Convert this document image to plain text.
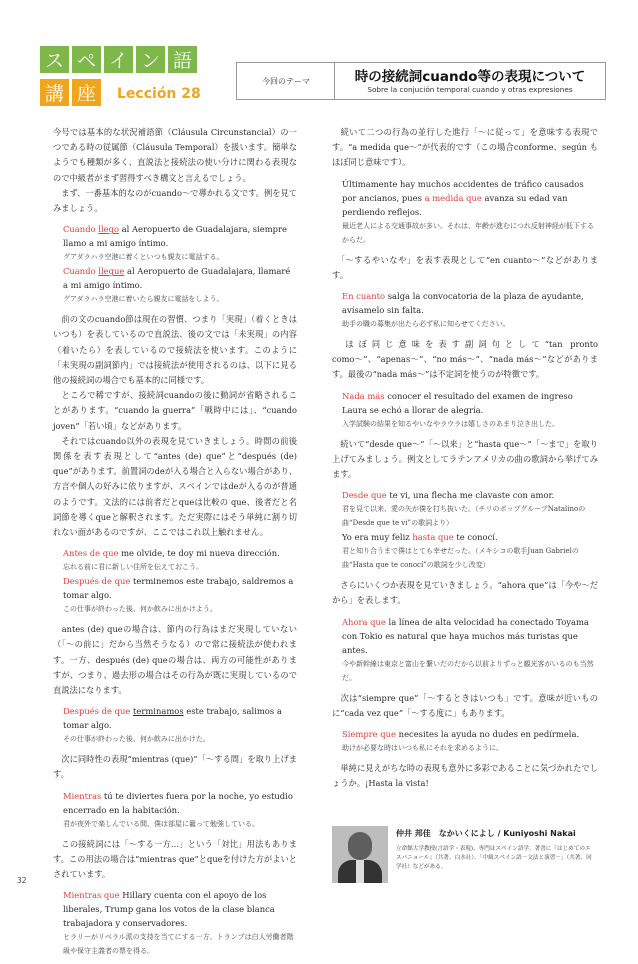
ス ペ イ ン 語
講 座	Lección 28
今回のテーマ	時の接続詞cuando等の表現について
Sobre la conjución temporal cuando y otras expresiones

今号では基本的な状況補語節（Cláusula Circunstancial）の一つである時の従属節（Cláusula Temporal）を扱います。簡単なようでも種類が多く、直説法と接続法の使い分けに関わる表現なので中級者がまず習得すべき構文と言えるでしょう。
　まず、一番基本的なのがcuando〜で導かれる文です。例を見てみましょう。

Cuando llego al Aeropuerto de Guadalajara, siempre llamo a mi amigo íntimo.
グアダラハラ空港に着くといつも親友に電話する。
Cuando llegue al Aeropuerto de Guadalajara, llamaré a mi amigo íntimo.
グアダラハラ空港に着いたら親友に電話をしよう。

　前の文のcuando節は現在の習慣、つまり「実現」（着くときはいつも）を表しているので直説法、後の文では「未実現」の内容（着いたら）を表しているので接続法を使います。このように「未実現の副詞節内」では接続法が使用されるのは、以下に見る他の接続詞の場合でも基本的に同様です。
　ところで稀ですが、接続詞cuandoの後に動詞が省略されることがあります。“cuando la guerra”「戦時中には」、“cuando joven”「若い頃」などがあります。
　それではcuando以外の表現を見ていきましょう。時間の前後関係を表す表現として“antes (de) que”と“después (de) que”があります。前置詞のdeが入る場合と入らない場合があり、方言や個人の好みに依りますが、スペインではdeが入るのが普通のようです。文法的には前者だとqueは比較の que、後者だと名詞節を導くqueと解釈されます。ただ実際にはそう単純に割り切れない面があるのですが、ここではこれ以上触れません。

Antes de que me olvide, te doy mi nueva dirección.
忘れる前に君に新しい住所を伝えておこう。
Después de que terminemos este trabajo, saldremos a tomar algo.
この仕事が終わった後、何か飲みに出かけよう。

　antes (de) queの場合は、節内の行為はまだ実現していない（「〜の前に」だから当然そうなる）ので常に接続法が使われます。一方、después (de) queの場合は、両方の可能性がありますが、つまり、過去形の場合はその行為が既に実現しているので直説法になります。

Después de que terminamos este trabajo, salimos a tomar algo.
その仕事が終わった後、何か飲みに出かけた。

　次に同時性の表現“mientras (que)”「〜する間」を取り上げます。

Mientras tú te diviertes fuera por la noche, yo estudio encerrado en la habitación.
君が夜外で楽しんでいる間、僕は部屋に籠って勉強している。

　この接続詞には「〜する一方…」という「対比」用法もあります。この用法の場合は“mientras que”とqueを付けた方がよいとされています。

Mientras que Hillary cuenta con el apoyo de los liberales, Trump gana los votos de la clase blanca trabajadora y conservadores.
ヒラリーがリベラル派の支持を当てにする一方、トランプは白人労働者階級や保守主義者の票を得る。

　続いて二つの行為の並行した進行「〜に従って」を意味する表現です。“a medida que〜”が代表的です（この場合conforme、según も ほぼ同じ意味です）。

Últimamente hay muchos accidentes de tráfico causados por ancianos, pues a medida que avanza su edad van perdiendo reflejos.
最近老人による交通事故が多い。それは、年齢が進むにつれ反射神経が低下するからだ。

　「〜するやいなや」を表す表現として“en cuanto〜”などがあります。

En cuanto salga la convocatoria de la plaza de ayudante, avísamelo sin falta.
助手の職の募集が出たら必ず私に知らせてください。

　ほぼ同じ意味を表す副詞句として“tan pronto como〜”、“apenas〜”、“no más〜”、“nada más〜”などがあります。最後の“nada más〜”は不定詞を使うのが特徴です。

Nada más conocer el resultado del examen de ingreso Laura se echó a llorar de alegría.
入学試験の結果を知るやいなやラウラは嬉しさのあまり泣き出した。

　続いて“desde que〜”「〜以来」と“hasta que〜”「〜まで」を取り上げてみましょう。例文としてラテンアメリカの曲の歌詞から挙げてみます。

Desde que te vi, una flecha me clavaste con amor.
君を見て以来、愛の矢が僕を打ち抜いた。（チリのポップグループNatalinoの曲“Desde que te vi”の歌詞より）
Yo era muy feliz hasta que te conocí.
君と知り合うまで僕はとても幸せだった。（メキシコの歌手Juan Gabrielの曲“Hasta que te conocí”の歌詞を少し改変）

　さらにいくつか表現を見ていきましょう。“ahora que”は「今や〜だから」を表します。

Ahora que la línea de alta velocidad ha conectado Toyama con Tokio es natural que haya muchos más turistas que antes.
今や新幹線は東京と富山を繋いだのだから以前よりずっと観光客がいるのも当然だ。

　次は“siempre que”「〜するときはいつも」です。意味が近いものに“cada vez que”「〜する度に」もあります。

Siempre que necesites la ayuda no dudes en pedírmela.
助けが必要な時はいつも私にそれを求めるように。

　単純に見えがちな時の表現も意外に多彩であることに気づかれたでしょうか。¡Hasta la vista!

仲井 邦佳　なかいくによし / Kuniyoshi Nakai
立命館大学教授(言語学・表現)、専門はスペイン語学。著書に『はじめてのエスパニョール』（共著、白水社）、「中級スペイン語－文法と演習－」（共著、同学社）などがある。
32
